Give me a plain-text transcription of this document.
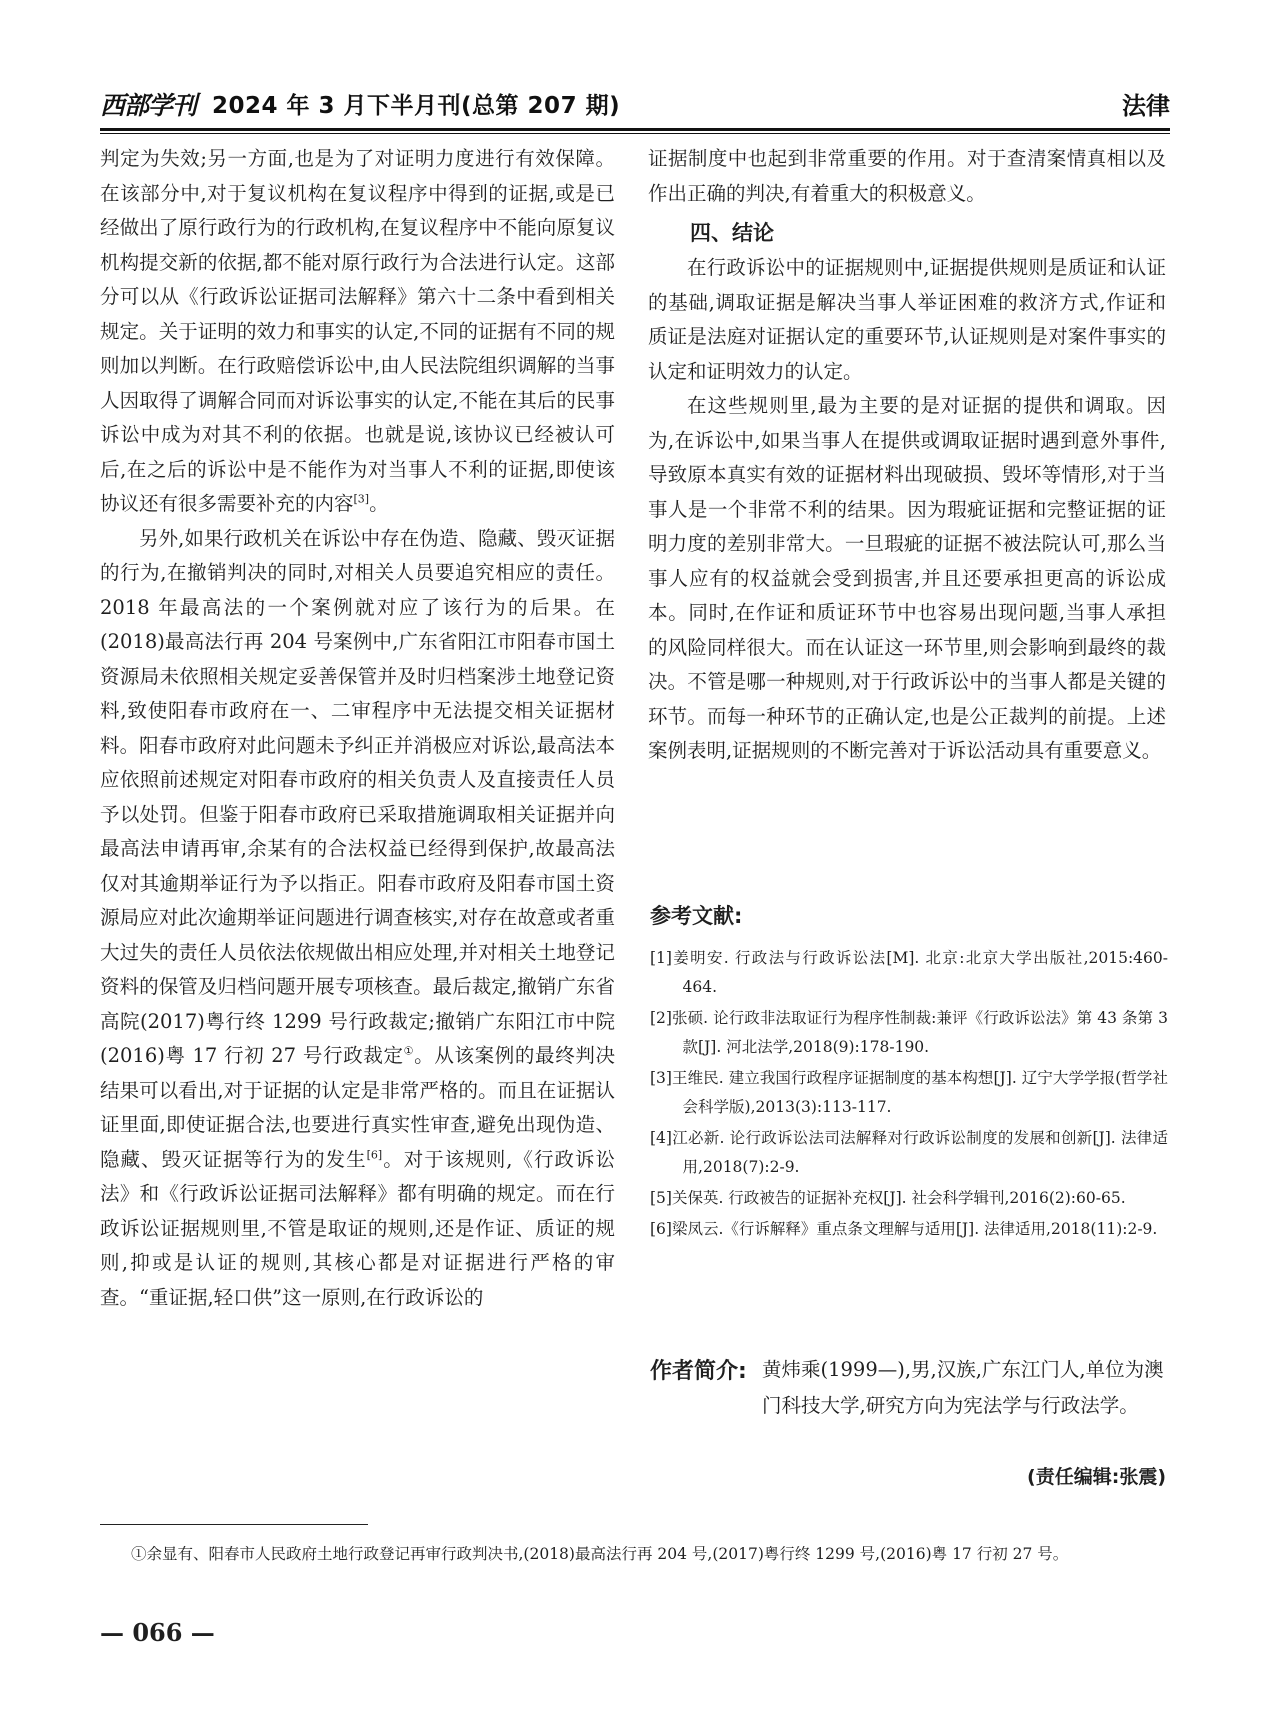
西部学刊 2024 年 3 月下半月刊(总第 207 期)	法律

判定为失效;另一方面,也是为了对证明力度进行有效保障。在该部分中,对于复议机构在复议程序中得到的证据,或是已经做出了原行政行为的行政机构,在复议程序中不能向原复议机构提交新的依据,都不能对原行政行为合法进行认定。这部分可以从《行政诉讼证据司法解释》第六十二条中看到相关规定。关于证明的效力和事实的认定,不同的证据有不同的规则加以判断。在行政赔偿诉讼中,由人民法院组织调解的当事人因取得了调解合同而对诉讼事实的认定,不能在其后的民事诉讼中成为对其不利的依据。也就是说,该协议已经被认可后,在之后的诉讼中是不能作为对当事人不利的证据,即使该协议还有很多需要补充的内容[3]。

另外,如果行政机关在诉讼中存在伪造、隐藏、毁灭证据的行为,在撤销判决的同时,对相关人员要追究相应的责任。2018 年最高法的一个案例就对应了该行为的后果。在(2018)最高法行再 204 号案例中,广东省阳江市阳春市国土资源局未依照相关规定妥善保管并及时归档案涉土地登记资料,致使阳春市政府在一、二审程序中无法提交相关证据材料。阳春市政府对此问题未予纠正并消极应对诉讼,最高法本应依照前述规定对阳春市政府的相关负责人及直接责任人员予以处罚。但鉴于阳春市政府已采取措施调取相关证据并向最高法申请再审,余某有的合法权益已经得到保护,故最高法仅对其逾期举证行为予以指正。阳春市政府及阳春市国土资源局应对此次逾期举证问题进行调查核实,对存在故意或者重大过失的责任人员依法依规做出相应处理,并对相关土地登记资料的保管及归档问题开展专项核查。最后裁定,撤销广东省高院(2017)粤行终 1299 号行政裁定;撤销广东阳江市中院(2016)粤 17 行初 27 号行政裁定①。从该案例的最终判决结果可以看出,对于证据的认定是非常严格的。而且在证据认证里面,即使证据合法,也要进行真实性审查,避免出现伪造、隐藏、毁灭证据等行为的发生[6]。对于该规则,《行政诉讼法》和《行政诉讼证据司法解释》都有明确的规定。而在行政诉讼证据规则里,不管是取证的规则,还是作证、质证的规则,抑或是认证的规则,其核心都是对证据进行严格的审查。“重证据,轻口供”这一原则,在行政诉讼的

证据制度中也起到非常重要的作用。对于查清案情真相以及作出正确的判决,有着重大的积极意义。

四、结论

在行政诉讼中的证据规则中,证据提供规则是质证和认证的基础,调取证据是解决当事人举证困难的救济方式,作证和质证是法庭对证据认定的重要环节,认证规则是对案件事实的认定和证明效力的认定。

在这些规则里,最为主要的是对证据的提供和调取。因为,在诉讼中,如果当事人在提供或调取证据时遇到意外事件,导致原本真实有效的证据材料出现破损、毁坏等情形,对于当事人是一个非常不利的结果。因为瑕疵证据和完整证据的证明力度的差别非常大。一旦瑕疵的证据不被法院认可,那么当事人应有的权益就会受到损害,并且还要承担更高的诉讼成本。同时,在作证和质证环节中也容易出现问题,当事人承担的风险同样很大。而在认证这一环节里,则会影响到最终的裁决。不管是哪一种规则,对于行政诉讼中的当事人都是关键的环节。而每一种环节的正确认定,也是公正裁判的前提。上述案例表明,证据规则的不断完善对于诉讼活动具有重要意义。

参考文献:

[1]姜明安. 行政法与行政诉讼法[M]. 北京:北京大学出版社,2015:460-464.

[2]张硕. 论行政非法取证行为程序性制裁:兼评《行政诉讼法》第 43 条第 3 款[J]. 河北法学,2018(9):178-190.

[3]王维民. 建立我国行政程序证据制度的基本构想[J]. 辽宁大学学报(哲学社会科学版),2013(3):113-117.

[4]江必新. 论行政诉讼法司法解释对行政诉讼制度的发展和创新[J]. 法律适用,2018(7):2-9.

[5]关保英. 行政被告的证据补充权[J]. 社会科学辑刊,2016(2):60-65.

[6]梁凤云.《行诉解释》重点条文理解与适用[J]. 法律适用,2018(11):2-9.

作者简介: 黄炜乘(1999—),男,汉族,广东江门人,单位为澳门科技大学,研究方向为宪法学与行政法学。
(责任编辑:张震)
①余显有、阳春市人民政府土地行政登记再审行政判决书,(2018)最高法行再 204 号,(2017)粤行终 1299 号,(2016)粤 17 行初 27 号。
— 066 —
